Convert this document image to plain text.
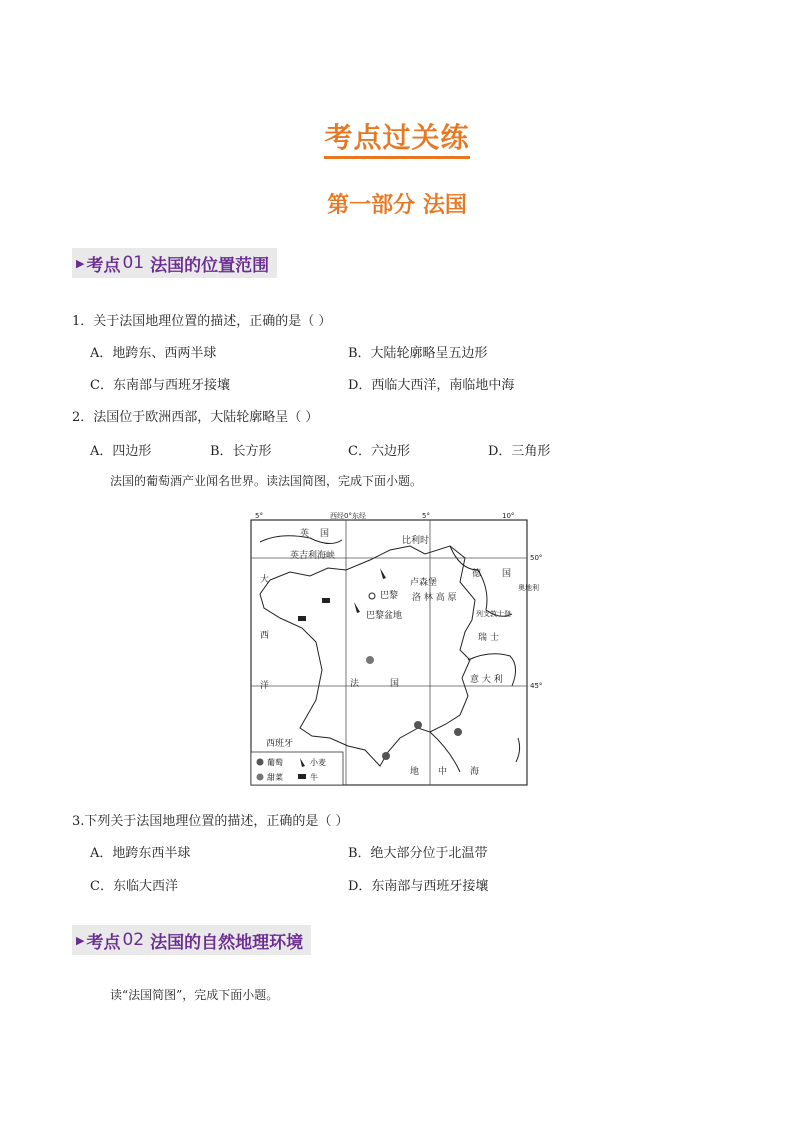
考点过关练
第一部分 法国
▶ 考点 01 法国的位置范围
1．关于法国地理位置的描述，正确的是（ ）
A．地跨东、西两半球	B．大陆轮廓略呈五边形
C．东南部与西班牙接壤	D．西临大西洋，南临地中海
2．法国位于欧洲西部，大陆轮廓略呈（ ）
A．四边形	B．长方形	C．六边形	D．三角形
法国的葡萄酒产业闻名世界。读法国简图，完成下面小题。
5°	西经0°东经	5°	10°
50°
45°
英 国
英吉利海峡
比利时
卢森堡
巴黎 洛 林 高 原
巴黎盆地
德 国
奥地利
列支敦士登
瑞 士
意 大 利
大
西
洋	法	国
西班牙
地 中	海
葡萄	小麦
甜菜	牛
3.下列关于法国地理位置的描述，正确的是（ ）
A．地跨东西半球	B．绝大部分位于北温带
C．东临大西洋	D．东南部与西班牙接壤
▶ 考点 02 法国的自然地理环境
读“法国简图”，完成下面小题。
